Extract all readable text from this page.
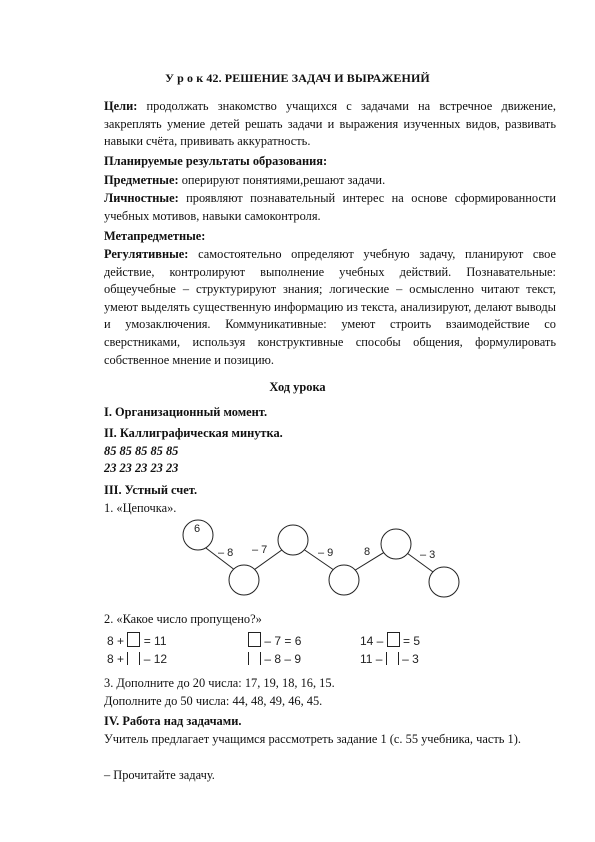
У р о к 42. РЕШЕНИЕ ЗАДАЧ И ВЫРАЖЕНИЙ
Цели: продолжать знакомство учащихся с задачами на встречное движение, закреплять умение детей решать задачи и выражения изученных видов, развивать навыки счёта, прививать аккуратность.
Планируемые результаты образования:
Предметные: оперируют понятиями,решают задачи.
Личностные: проявляют познавательный интерес на основе сформированности учебных мотивов, навыки самоконтроля.
Метапредметные:
Регулятивные: самостоятельно определяют учебную задачу, планируют свое действие, контролируют выполнение учебных действий. Познавательные: общеучебные – структурируют знания; логические – осмысленно читают текст, умеют выделять существенную информацию из текста, анализируют, делают выводы и умозаключения. Коммуникативные: умеют строить взаимодействие со сверстниками, используя конструктивные способы общения, формулировать собственное мнение и позицию.
Ход урока
I. Организационный момент.
II. Каллиграфическая минутка.
85 85 85 85 85
23 23 23 23 23
III. Устный счет.
1. «Цепочка».
6
– 8 – 7	– 9	8	– 3
2. «Какое число пропущено?»
8 +  = 11	– 7 = 6	14 –  = 5
8 +  – 12	– 8 – 9	11 –  – 3
3. Дополните до 20 числа: 17, 19, 18, 16, 15.
Дополните до 50 числа: 44, 48, 49, 46, 45.
IV. Работа над задачами.
Учитель предлагает учащимся рассмотреть задание 1 (с. 55 учебника, часть 1).
– Прочитайте задачу.
